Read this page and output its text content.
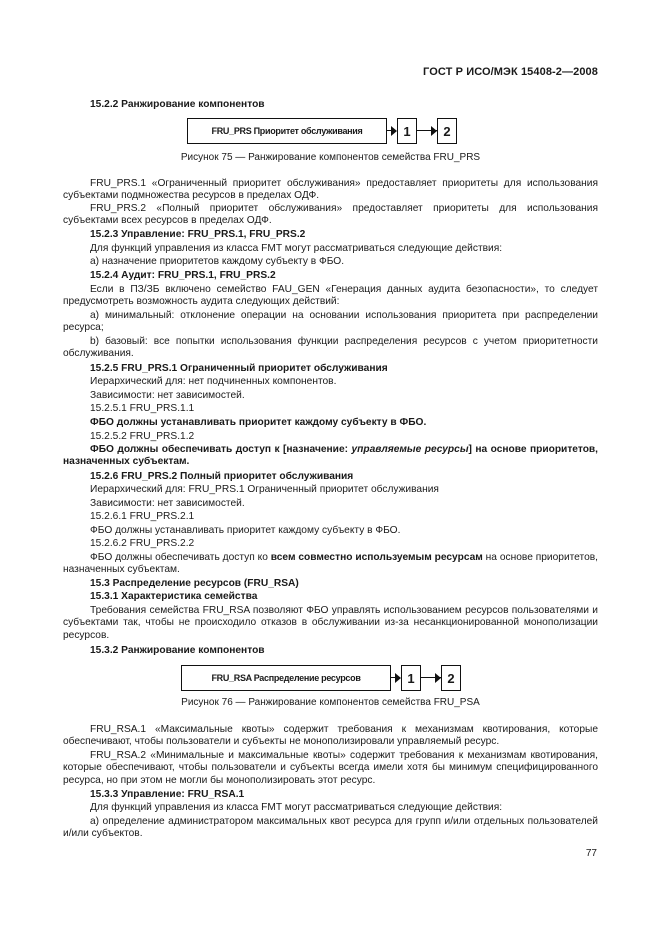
ГОСТ Р ИСО/МЭК 15408-2—2008

15.2.2 Ранжирование компонентов

FRU_PRS Приоритет обслуживания	1	2
Рисунок 75 — Ранжирование компонентов семейства FRU_PRS

FRU_PRS.1 «Ограниченный приоритет обслуживания» предоставляет приоритеты для использования субъектами подмножества ресурсов в пределах ОДФ.

FRU_PRS.2 «Полный приоритет обслуживания» предоставляет приоритеты для использования субъектами всех ресурсов в пределах ОДФ.

15.2.3 Управление: FRU_PRS.1, FRU_PRS.2

Для функций управления из класса FMT могут рассматриваться следующие действия:

а) назначение приоритетов каждому субъекту в ФБО.

15.2.4 Аудит: FRU_PRS.1, FRU_PRS.2

Если в ПЗ/ЗБ включено семейство FAU_GEN «Генерация данных аудита безопасности», то следует предусмотреть возможность аудита следующих действий:

а) минимальный: отклонение операции на основании использования приоритета при распределении ресурса;

b) базовый: все попытки использования функции распределения ресурсов с учетом приоритетности обслуживания.

15.2.5 FRU_PRS.1 Ограниченный приоритет обслуживания

Иерархический для: нет подчиненных компонентов.

Зависимости: нет зависимостей.

15.2.5.1 FRU_PRS.1.1

ФБО должны устанавливать приоритет каждому субъекту в ФБО.

15.2.5.2 FRU_PRS.1.2

ФБО должны обеспечивать доступ к [назначение: управляемые ресурсы] на основе приоритетов, назначенных субъектам.

15.2.6 FRU_PRS.2 Полный приоритет обслуживания

Иерархический для: FRU_PRS.1 Ограниченный приоритет обслуживания

Зависимости: нет зависимостей.

15.2.6.1 FRU_PRS.2.1

ФБО должны устанавливать приоритет каждому субъекту в ФБО.

15.2.6.2 FRU_PRS.2.2

ФБО должны обеспечивать доступ ко всем совместно используемым ресурсам на основе приоритетов, назначенных субъектам.

15.3 Распределение ресурсов (FRU_RSA)

15.3.1 Характеристика семейства

Требования семейства FRU_RSA позволяют ФБО управлять использованием ресурсов пользователями и субъектами так, чтобы не происходило отказов в обслуживании из-за несанкционированной монополизации ресурсов.

15.3.2 Ранжирование компонентов

FRU_RSA Распределение ресурсов	1	2
Рисунок 76 — Ранжирование компонентов семейства FRU_PSA

FRU_RSA.1 «Максимальные квоты» содержит требования к механизмам квотирования, которые обеспечивают, чтобы пользователи и субъекты не монополизировали управляемый ресурс.

FRU_RSA.2 «Минимальные и максимальные квоты» содержит требования к механизмам квотирования, которые обеспечивают, чтобы пользователи и субъекты всегда имели хотя бы минимум специфицированного ресурса, но при этом не могли бы монополизировать этот ресурс.

15.3.3 Управление: FRU_RSA.1

Для функций управления из класса FMT могут рассматриваться следующие действия:

а) определение администратором максимальных квот ресурса для групп и/или отдельных пользователей и/или субъектов.

77
